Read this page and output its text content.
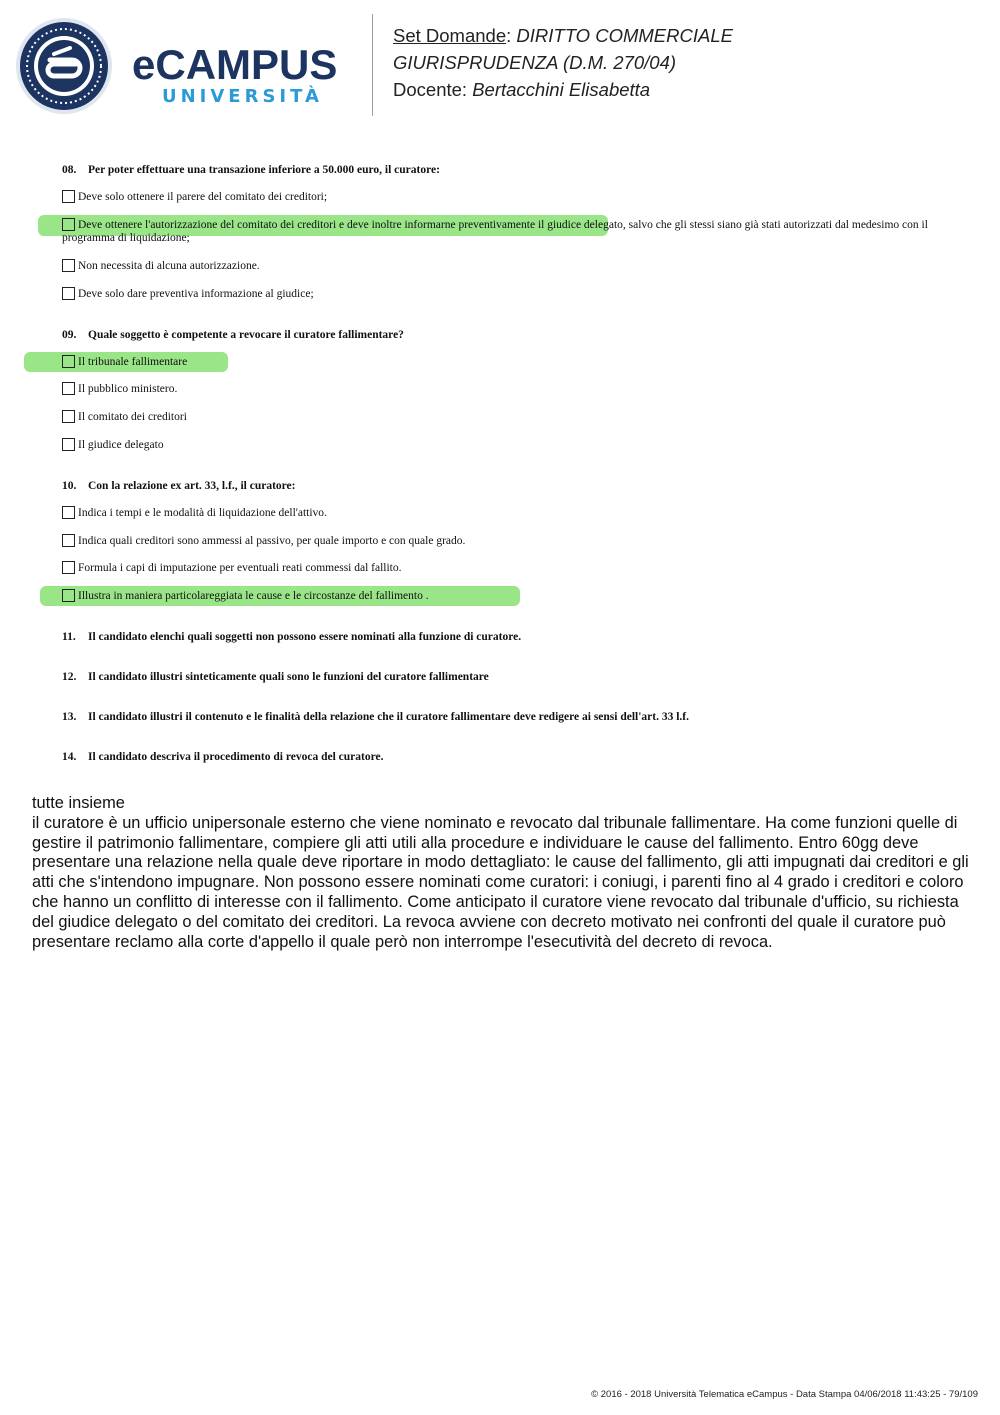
eCAMPUS
UNIVERSITÀ
Set Domande: DIRITTO COMMERCIALE
GIURISPRUDENZA (D.M. 270/04)
Docente: Bertacchini Elisabetta
08. Per poter effettuare una transazione inferiore a 50.000 euro, il curatore:
Deve solo ottenere il parere del comitato dei creditori;
Deve ottenere l'autorizzazione del comitato dei creditori e deve inoltre informarne preventivamente il giudice delegato, salvo che gli stessi siano già stati autorizzati dal medesimo con il programma di liquidazione;
Non necessita di alcuna autorizzazione.
Deve solo dare preventiva informazione al giudice;
09. Quale soggetto è competente a revocare il curatore fallimentare?
Il tribunale fallimentare
Il pubblico ministero.
Il comitato dei creditori
Il giudice delegato
10. Con la relazione ex art. 33, l.f., il curatore:
Indica i tempi e le modalità di liquidazione dell'attivo.
Indica quali creditori sono ammessi al passivo, per quale importo e con quale grado.
Formula i capi di imputazione per eventuali reati commessi dal fallito.
Illustra in maniera particolareggiata le cause e le circostanze del fallimento .
11. Il candidato elenchi quali soggetti non possono essere nominati alla funzione di curatore.
12. Il candidato illustri sinteticamente quali sono le funzioni del curatore fallimentare
13. Il candidato illustri il contenuto e le finalità della relazione che il curatore fallimentare deve redigere ai sensi dell'art. 33 l.f.
14. Il candidato descriva il procedimento di revoca del curatore.

tutte insieme

il curatore è un ufficio unipersonale esterno che viene nominato e revocato dal tribunale fallimentare. Ha come funzioni quelle di gestire il patrimonio fallimentare, compiere gli atti utili alla procedure e individuare le cause del fallimento. Entro 60gg deve presentare una relazione nella quale deve riportare in modo dettagliato: le cause del fallimento, gli atti impugnati dai creditori e gli atti che s'intendono impugnare. Non possono essere nominati come curatori: i coniugi, i parenti fino al 4 grado i creditori e coloro che hanno un conflitto di interesse con il fallimento. Come anticipato il curatore viene revocato dal tribunale d'ufficio, su richiesta del giudice delegato o del comitato dei creditori. La revoca avviene con decreto motivato nei confronti del quale il curatore può presentare reclamo alla corte d'appello il quale però non interrompe l'esecutività del decreto di revoca.

© 2016 - 2018 Università Telematica eCampus - Data Stampa 04/06/2018 11:43:25 - 79/109
